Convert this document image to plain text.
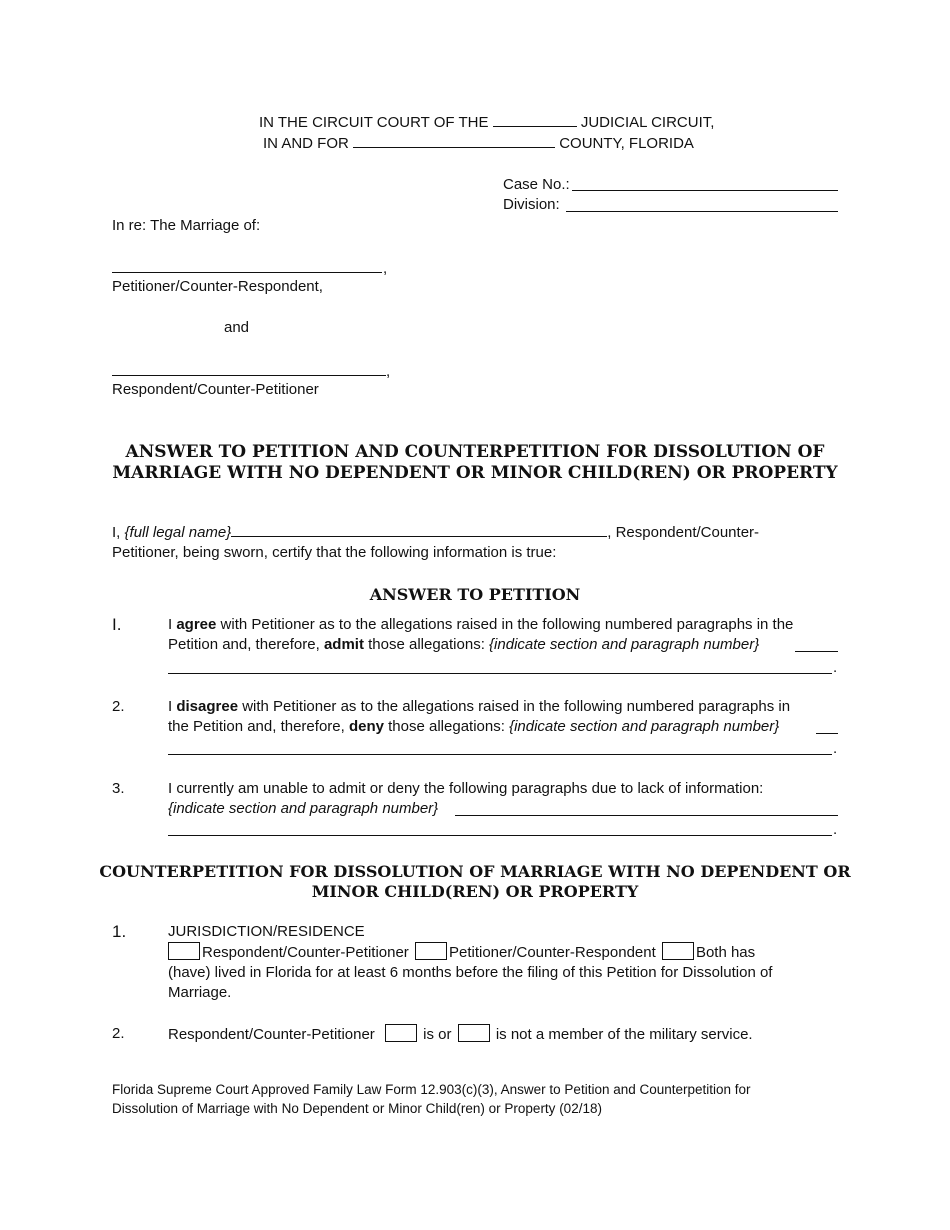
IN THE CIRCUIT COURT OF THE	JUDICIAL CIRCUIT,
IN AND FOR	COUNTY, FLORIDA
Case No.:
Division:
In re: The Marriage of:
,
Petitioner/Counter-Respondent,
and
,
Respondent/Counter-Petitioner
ANSWER TO PETITION AND COUNTERPETITION FOR DISSOLUTION OF
MARRIAGE WITH NO DEPENDENT OR MINOR CHILD(REN) OR PROPERTY
I, {full legal name}	, Respondent/Counter-
Petitioner, being sworn, certify that the following information is true:
ANSWER TO PETITION
I.	I agree with Petitioner as to the allegations raised in the following numbered paragraphs in the
Petition and, therefore, admit those allegations: {indicate section and paragraph number}
.
2.	I disagree with Petitioner as to the allegations raised in the following numbered paragraphs in
the Petition and, therefore, deny those allegations: {indicate section and paragraph number}
.
3.	I currently am unable to admit or deny the following paragraphs due to lack of information:
{indicate section and paragraph number}
.
COUNTERPETITION FOR DISSOLUTION OF MARRIAGE WITH NO DEPENDENT OR
MINOR CHILD(REN) OR PROPERTY
1.	JURISDICTION/RESIDENCE
Respondent/Counter-Petitioner	Petitioner/Counter-Respondent	Both has
(have) lived in Florida for at least 6 months before the filing of this Petition for Dissolution of
Marriage.
2.	Respondent/Counter-Petitioner	is or	is not a member of the military service.
Florida Supreme Court Approved Family Law Form 12.903(c)(3), Answer to Petition and Counterpetition for
Dissolution of Marriage with No Dependent or Minor Child(ren) or Property (02/18)
